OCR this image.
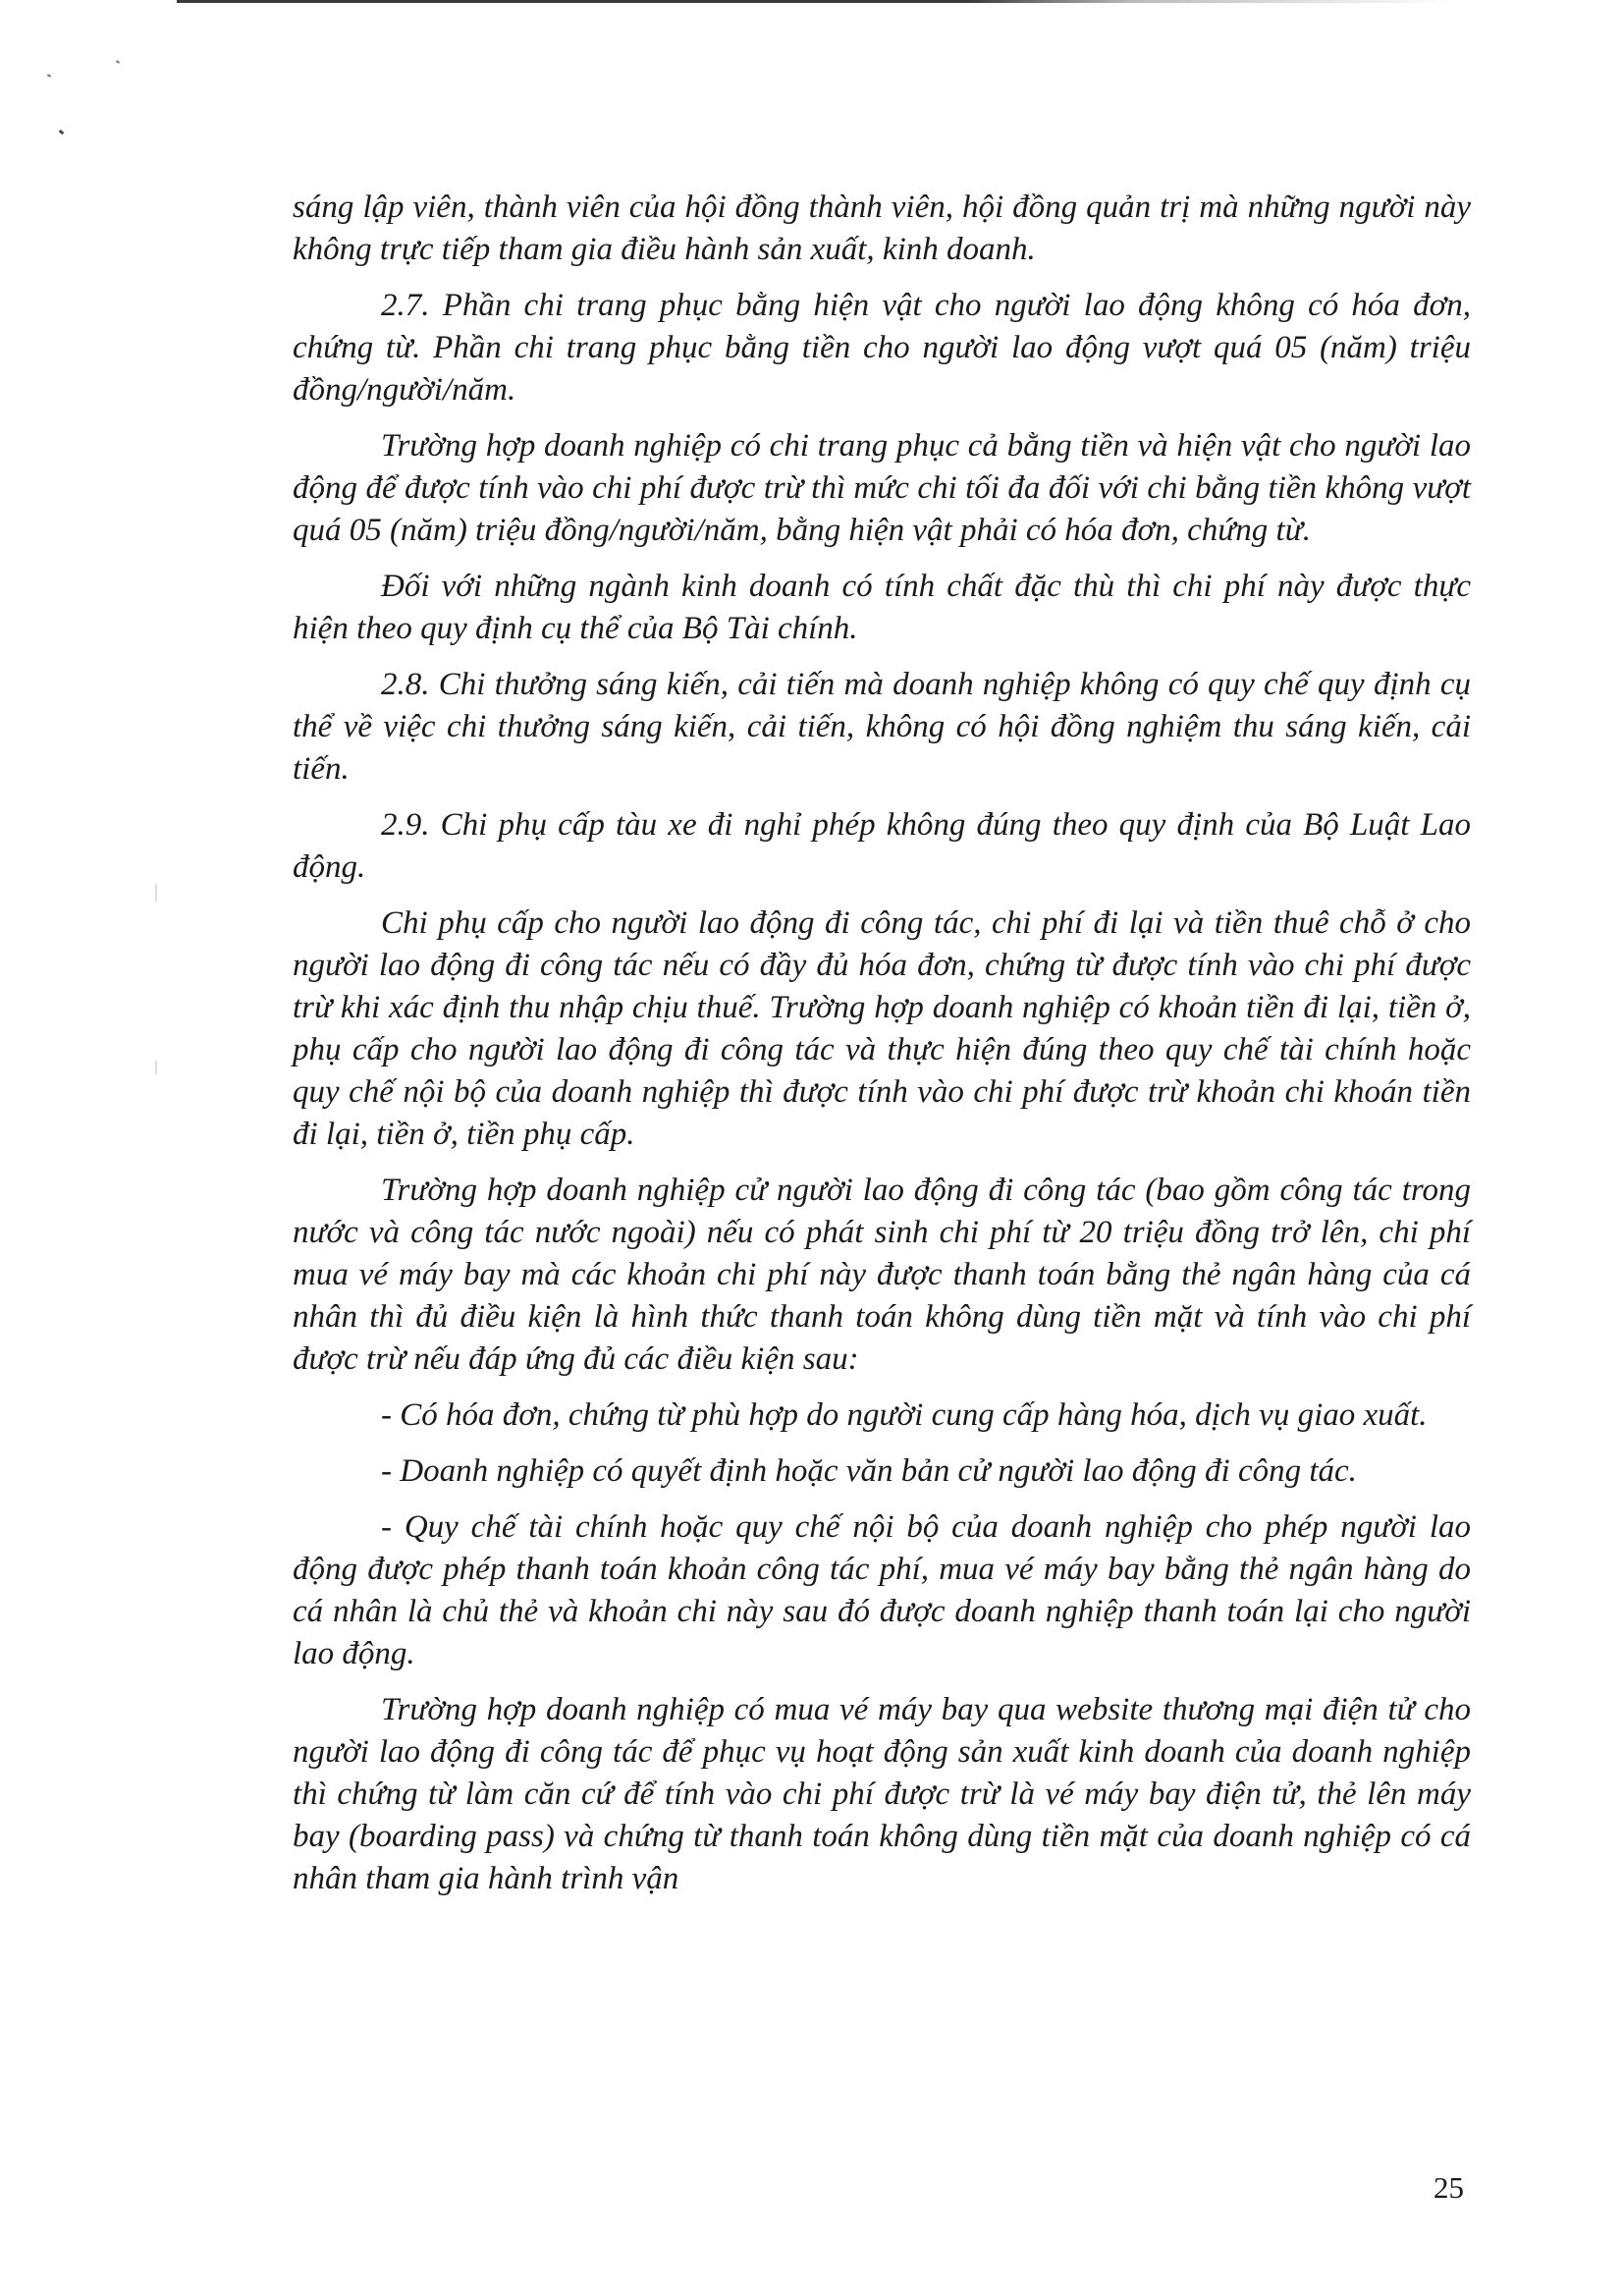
sáng lập viên, thành viên của hội đồng thành viên, hội đồng quản trị mà những người này không trực tiếp tham gia điều hành sản xuất, kinh doanh.

2.7. Phần chi trang phục bằng hiện vật cho người lao động không có hóa đơn, chứng từ. Phần chi trang phục bằng tiền cho người lao động vượt quá 05 (năm) triệu đồng/người/năm.

Trường hợp doanh nghiệp có chi trang phục cả bằng tiền và hiện vật cho người lao động để được tính vào chi phí được trừ thì mức chi tối đa đối với chi bằng tiền không vượt quá 05 (năm) triệu đồng/người/năm, bằng hiện vật phải có hóa đơn, chứng từ.

Đối với những ngành kinh doanh có tính chất đặc thù thì chi phí này được thực hiện theo quy định cụ thể của Bộ Tài chính.

2.8. Chi thưởng sáng kiến, cải tiến mà doanh nghiệp không có quy chế quy định cụ thể về việc chi thưởng sáng kiến, cải tiến, không có hội đồng nghiệm thu sáng kiến, cải tiến.

2.9. Chi phụ cấp tàu xe đi nghỉ phép không đúng theo quy định của Bộ Luật Lao động.

Chi phụ cấp cho người lao động đi công tác, chi phí đi lại và tiền thuê chỗ ở cho người lao động đi công tác nếu có đầy đủ hóa đơn, chứng từ được tính vào chi phí được trừ khi xác định thu nhập chịu thuế. Trường hợp doanh nghiệp có khoản tiền đi lại, tiền ở, phụ cấp cho người lao động đi công tác và thực hiện đúng theo quy chế tài chính hoặc quy chế nội bộ của doanh nghiệp thì được tính vào chi phí được trừ khoản chi khoán tiền đi lại, tiền ở, tiền phụ cấp.

Trường hợp doanh nghiệp cử người lao động đi công tác (bao gồm công tác trong nước và công tác nước ngoài) nếu có phát sinh chi phí từ 20 triệu đồng trở lên, chi phí mua vé máy bay mà các khoản chi phí này được thanh toán bằng thẻ ngân hàng của cá nhân thì đủ điều kiện là hình thức thanh toán không dùng tiền mặt và tính vào chi phí được trừ nếu đáp ứng đủ các điều kiện sau:

- Có hóa đơn, chứng từ phù hợp do người cung cấp hàng hóa, dịch vụ giao xuất.

- Doanh nghiệp có quyết định hoặc văn bản cử người lao động đi công tác.

- Quy chế tài chính hoặc quy chế nội bộ của doanh nghiệp cho phép người lao động được phép thanh toán khoản công tác phí, mua vé máy bay bằng thẻ ngân hàng do cá nhân là chủ thẻ và khoản chi này sau đó được doanh nghiệp thanh toán lại cho người lao động.

Trường hợp doanh nghiệp có mua vé máy bay qua website thương mại điện tử cho người lao động đi công tác để phục vụ hoạt động sản xuất kinh doanh của doanh nghiệp thì chứng từ làm căn cứ để tính vào chi phí được trừ là vé máy bay điện tử, thẻ lên máy bay (boarding pass) và chứng từ thanh toán không dùng tiền mặt của doanh nghiệp có cá nhân tham gia hành trình vận

25
